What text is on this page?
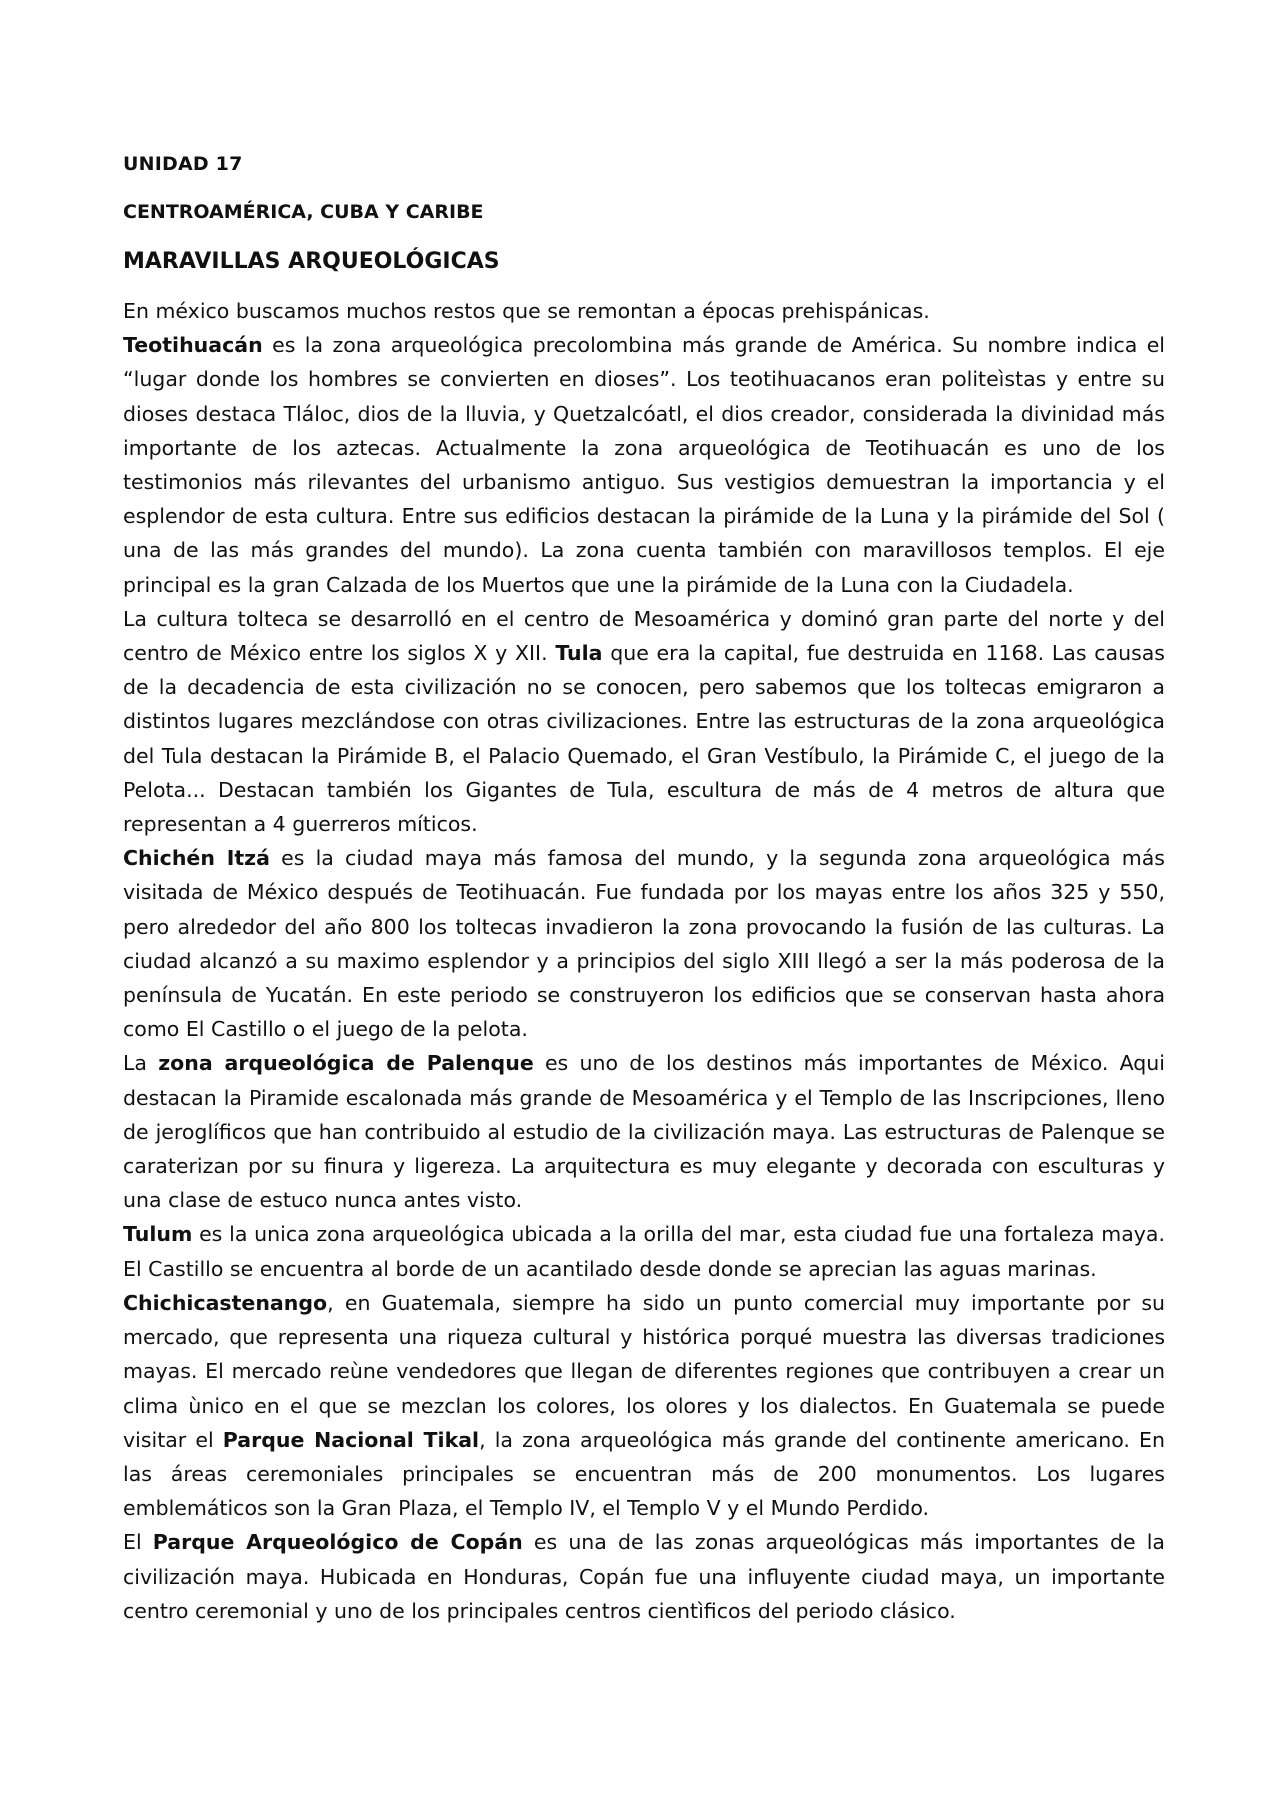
UNIDAD 17

CENTROAMÉRICA, CUBA Y CARIBE

MARAVILLAS ARQUEOLÓGICAS

En méxico buscamos muchos restos que se remontan a épocas prehispánicas.

Teotihuacán es la zona arqueológica precolombina más grande de América. Su nombre indica el “lugar donde los hombres se convierten en dioses”. Los teotihuacanos eran politeìstas y entre su dioses destaca Tláloc, dios de la lluvia, y Quetzalcóatl, el dios creador, considerada la divinidad más importante de los aztecas. Actualmente la zona arqueológica de Teotihuacán es uno de los testimonios más rilevantes del urbanismo antiguo. Sus vestigios demuestran la importancia y el esplendor de esta cultura. Entre sus edificios destacan la pirámide de la Luna y la pirámide del Sol ( una de las más grandes del mundo). La zona cuenta también con maravillosos templos. El eje principal es la gran Calzada de los Muertos que une la pirámide de la Luna con la Ciudadela.

La cultura tolteca se desarrolló en el centro de Mesoamérica y dominó gran parte del norte y del centro de México entre los siglos X y XII. Tula que era la capital, fue destruida en 1168. Las causas de la decadencia de esta civilización no se conocen, pero sabemos que los toltecas emigraron a distintos lugares mezclándose con otras civilizaciones. Entre las estructuras de la zona arqueológica del Tula destacan la Pirámide B, el Palacio Quemado, el Gran Vestíbulo, la Pirámide C, el juego de la Pelota... Destacan también los Gigantes de Tula, escultura de más de 4 metros de altura que representan a 4 guerreros míticos.

Chichén Itzá es la ciudad maya más famosa del mundo, y la segunda zona arqueológica más visitada de México después de Teotihuacán. Fue fundada por los mayas entre los años 325 y 550, pero alrededor del año 800 los toltecas invadieron la zona provocando la fusión de las culturas. La ciudad alcanzó a su maximo esplendor y a principios del siglo XIII llegó a ser la más poderosa de la península de Yucatán. En este periodo se construyeron los edificios que se conservan hasta ahora como El Castillo o el juego de la pelota.

La zona arqueológica de Palenque es uno de los destinos más importantes de México. Aqui destacan la Piramide escalonada más grande de Mesoamérica y el Templo de las Inscripciones, lleno de jeroglíficos que han contribuido al estudio de la civilización maya. Las estructuras de Palenque se caraterizan por su finura y ligereza. La arquitectura es muy elegante y decorada con esculturas y una clase de estuco nunca antes visto.

Tulum es la unica zona arqueológica ubicada a la orilla del mar, esta ciudad fue una fortaleza maya. El Castillo se encuentra al borde de un acantilado desde donde se aprecian las aguas marinas.

Chichicastenango, en Guatemala, siempre ha sido un punto comercial muy importante por su mercado, que representa una riqueza cultural y histórica porqué muestra las diversas tradiciones mayas. El mercado reùne vendedores que llegan de diferentes regiones que contribuyen a crear un clima ùnico en el que se mezclan los colores, los olores y los dialectos. En Guatemala se puede visitar el Parque Nacional Tikal, la zona arqueológica más grande del continente americano. En las áreas ceremoniales principales se encuentran más de 200 monumentos. Los lugares emblemáticos son la Gran Plaza, el Templo IV, el Templo V y el Mundo Perdido.

El Parque Arqueológico de Copán es una de las zonas arqueológicas más importantes de la civilización maya. Hubicada en Honduras, Copán fue una influyente ciudad maya, un importante centro ceremonial y uno de los principales centros cientìficos del periodo clásico.
